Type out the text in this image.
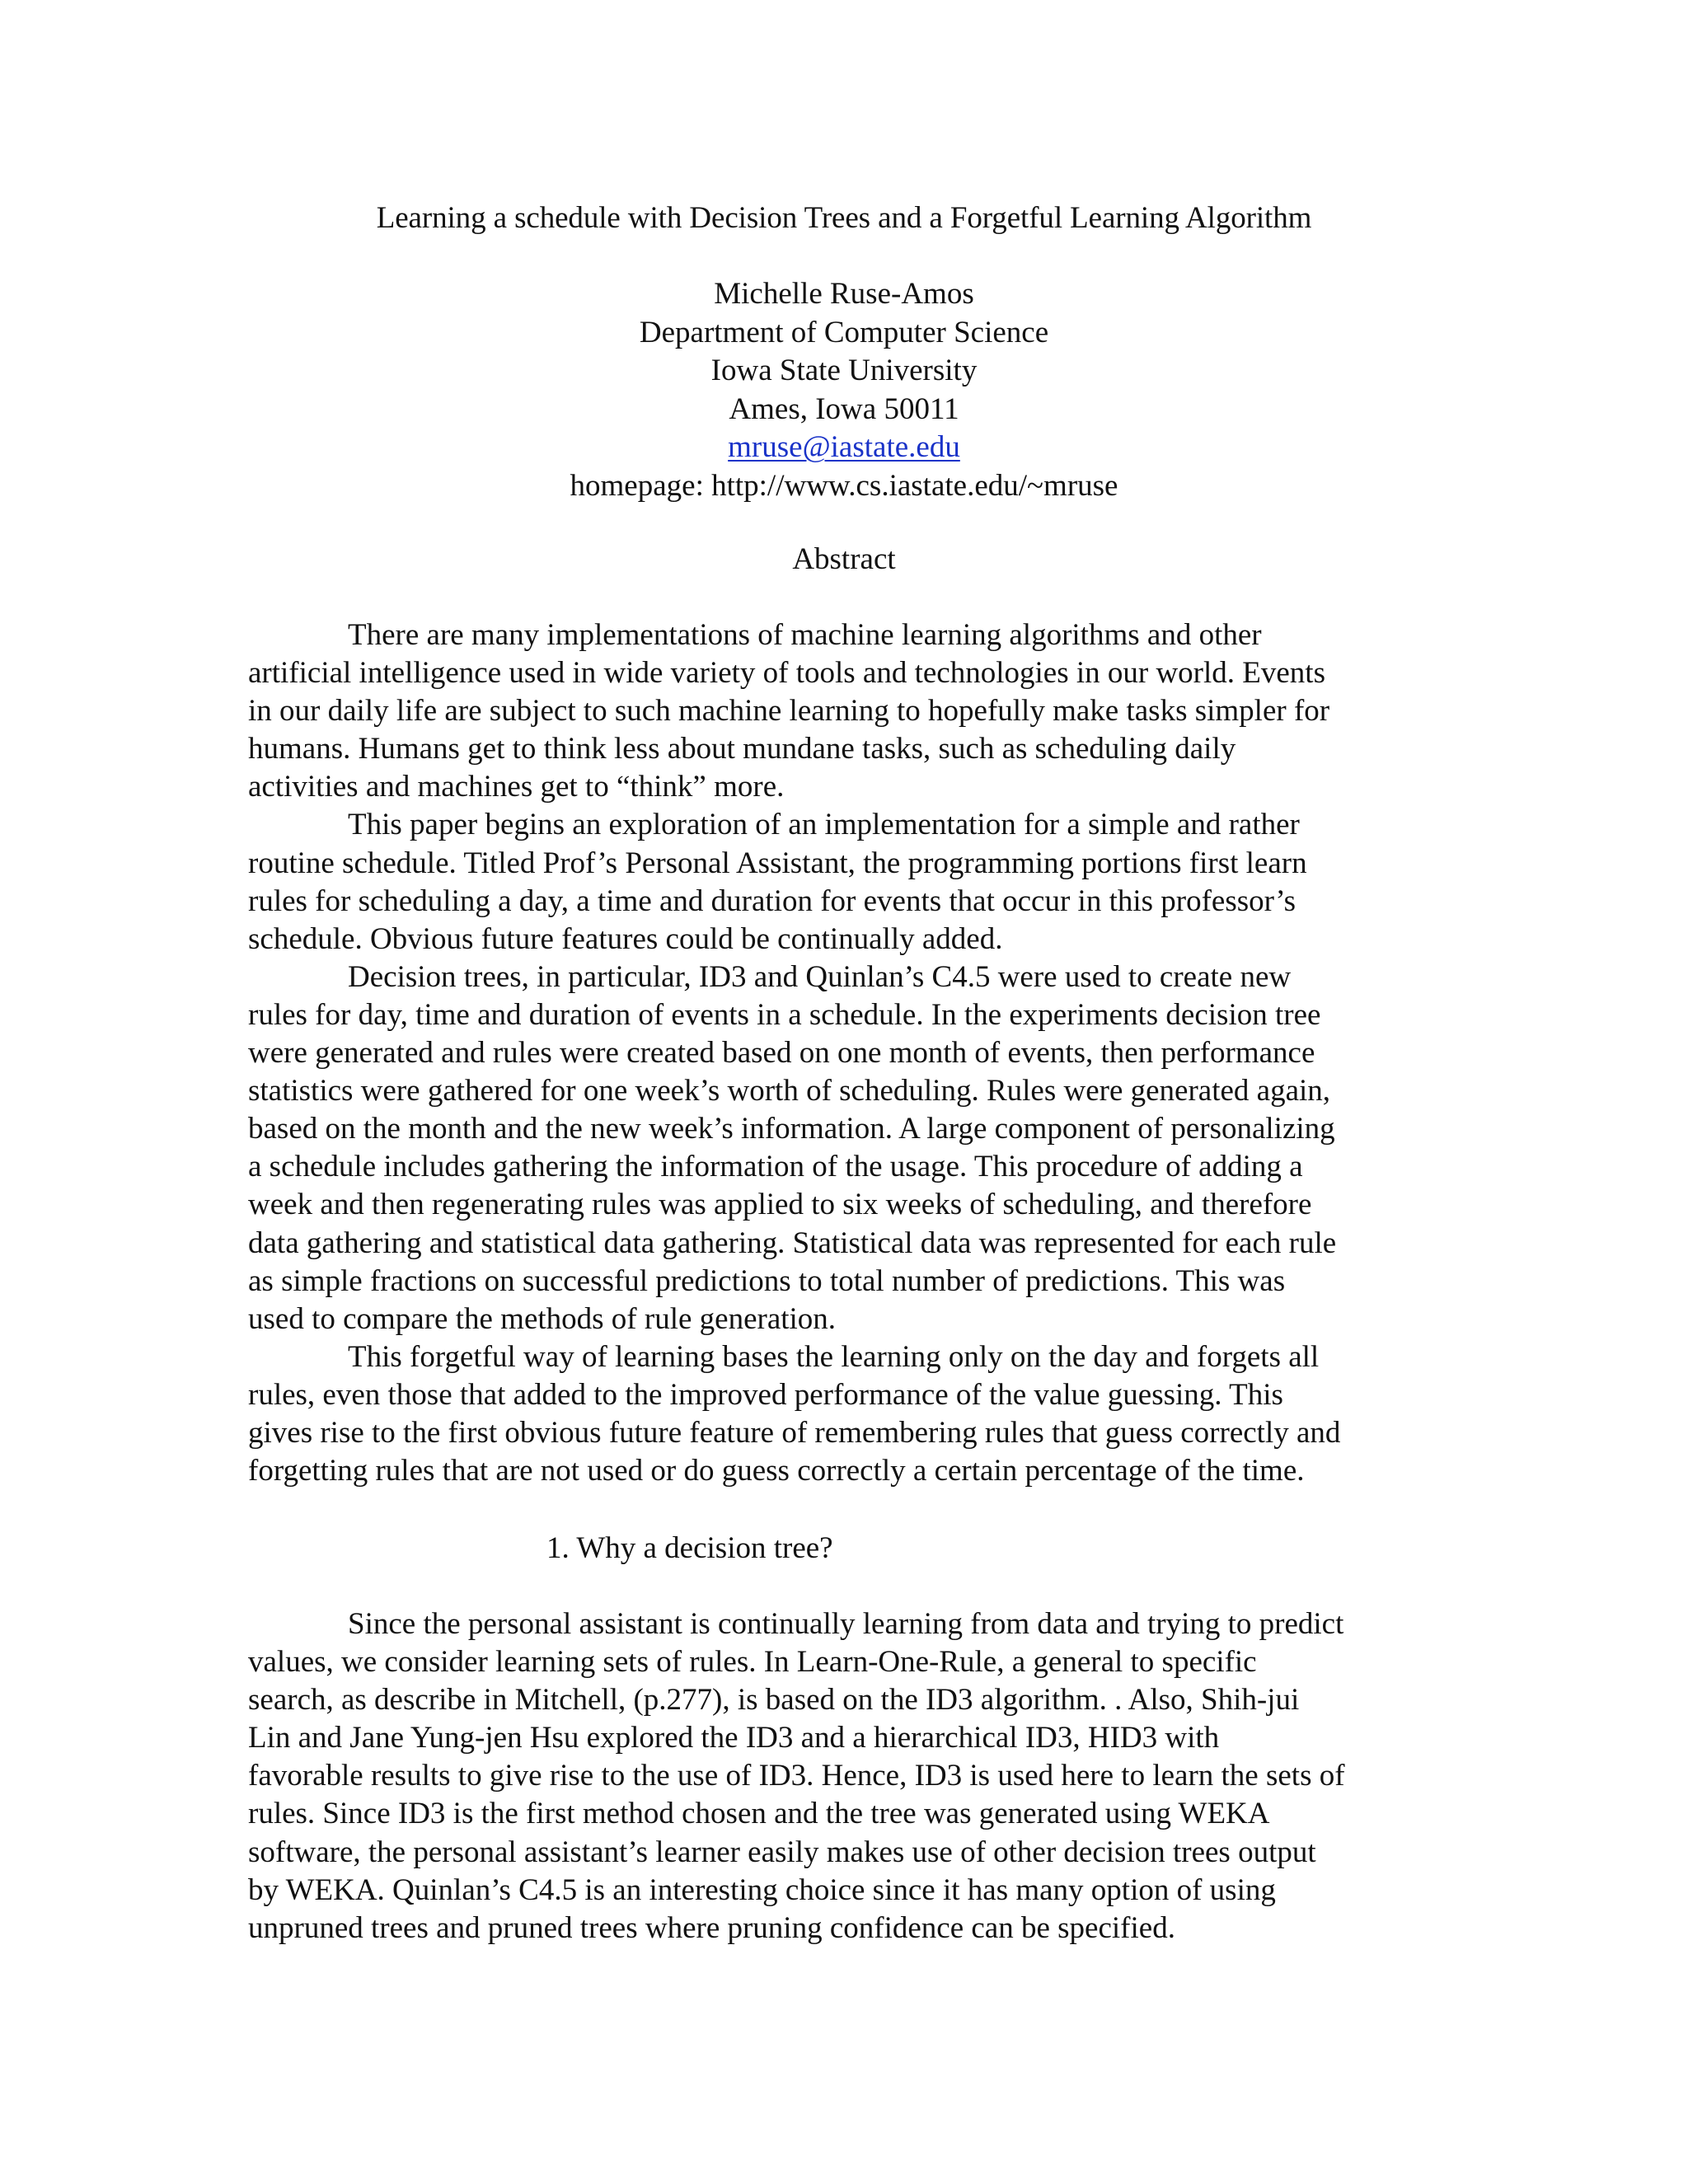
Learning a schedule with Decision Trees and a Forgetful Learning Algorithm
Michelle Ruse-Amos
Department of Computer Science
Iowa State University
Ames, Iowa 50011
mruse@iastate.edu
homepage: http://www.cs.iastate.edu/~mruse
Abstract

There are many implementations of machine learning algorithms and other
artificial intelligence used in wide variety of tools and technologies in our world. Events
in our daily life are subject to such machine learning to hopefully make tasks simpler for
humans. Humans get to think less about mundane tasks, such as scheduling daily
activities and machines get to “think” more.

This paper begins an exploration of an implementation for a simple and rather
routine schedule. Titled Prof’s Personal Assistant, the programming portions first learn
rules for scheduling a day, a time and duration for events that occur in this professor’s
schedule. Obvious future features could be continually added.

Decision trees, in particular, ID3 and Quinlan’s C4.5 were used to create new
rules for day, time and duration of events in a schedule. In the experiments decision tree
were generated and rules were created based on one month of events, then performance
statistics were gathered for one week’s worth of scheduling. Rules were generated again,
based on the month and the new week’s information. A large component of personalizing
a schedule includes gathering the information of the usage. This procedure of adding a
week and then regenerating rules was applied to six weeks of scheduling, and therefore
data gathering and statistical data gathering. Statistical data was represented for each rule
as simple fractions on successful predictions to total number of predictions. This was
used to compare the methods of rule generation.

This forgetful way of learning bases the learning only on the day and forgets all
rules, even those that added to the improved performance of the value guessing. This
gives rise to the first obvious future feature of remembering rules that guess correctly and
forgetting rules that are not used or do guess correctly a certain percentage of the time.

1. Why a decision tree?

Since the personal assistant is continually learning from data and trying to predict
values, we consider learning sets of rules. In Learn-One-Rule, a general to specific
search, as describe in Mitchell, (p.277), is based on the ID3 algorithm. . Also, Shih-jui
Lin and Jane Yung-jen Hsu explored the ID3 and a hierarchical ID3, HID3 with
favorable results to give rise to the use of ID3. Hence, ID3 is used here to learn the sets of
rules. Since ID3 is the first method chosen and the tree was generated using WEKA
software, the personal assistant’s learner easily makes use of other decision trees output
by WEKA. Quinlan’s C4.5 is an interesting choice since it has many option of using
unpruned trees and pruned trees where pruning confidence can be specified.
